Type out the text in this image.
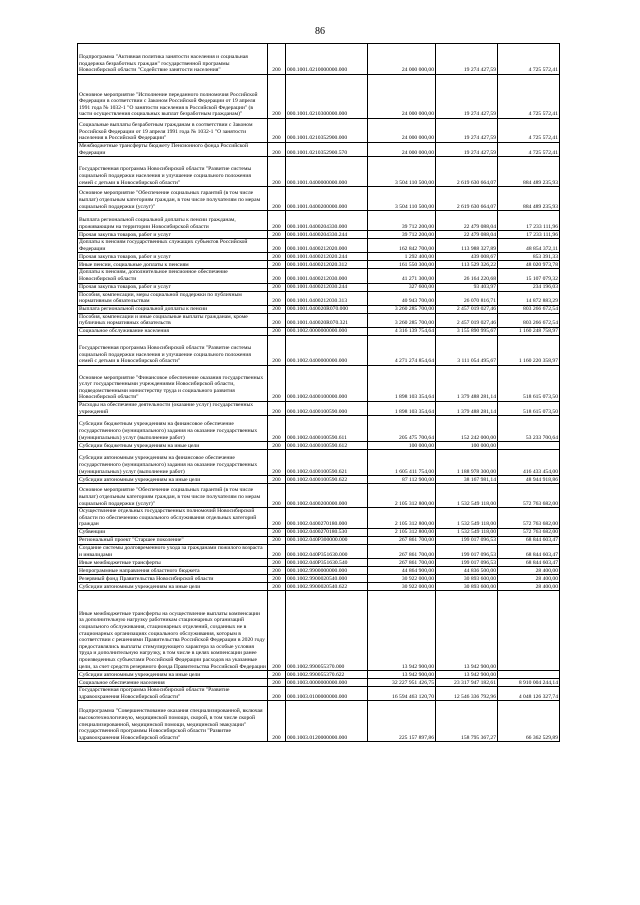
86
Подпрограмма "Активная политика занятости населения и социальная поддержка безработных граждан" государственной программы Новосибирской области "Содействие занятости населения"	200	000.1001.0210000000.000	24 000 000,00	19 274 427,59	4 725 572,41
Основное мероприятие "Исполнение переданного полномочия Российской Федерации в соответствии с Законом Российской Федерации от 19 апреля 1991 года № 1032-1 "О занятости населения в Российской Федерации" (в части осуществления социальных выплат безработным гражданам)"	200	000.1001.0210300000.000	24 000 000,00	19 274 427,59	4 725 572,41
Социальные выплаты безработным гражданам в соответствии с Законом Российской Федерации от 19 апреля 1991 года № 1032-1 "О занятости населения в Российской Федерации"	200	000.1001.0210352900.000	24 000 000,00	19 274 427,59	4 725 572,41
Межбюджетные трансферты бюджету Пенсионного фонда Российской Федерации	200	000.1001.0210352900.570	24 000 000,00	19 274 427,59	4 725 572,41
Государственная программа Новосибирской области "Развитие системы социальной поддержки населения и улучшение социального положения семей с детьми в Новосибирской области"	200	000.1001.0400000000.000	3 504 110 500,00	2 619 630 664,07	884 489 235,93
Основное мероприятие "Обеспечение социальных гарантий (в том числе выплат) отдельным категориям граждан, в том числе получателям по мерам социальной поддержки (услуг)"	200	000.1001.0400200000.000	3 504 110 500,00	2 619 630 664,07	884 489 235,93
Выплата региональной социальной доплаты к пенсии гражданам, проживающим на территории Новосибирской области	200	000.1001.0400204330.000	39 712 200,00	22 479 088,04	17 233 111,96
Прочая закупка товаров, работ и услуг	200	000.1001.0400204330.244	39 712 200,00	22 479 088,04	17 233 111,96
Доплаты к пенсиям государственных служащих субъектов Российской Федерации	200	000.1001.0400212020.000	162 842 700,00	113 988 327,89	48 854 372,11
Прочая закупка товаров, работ и услуг	200	000.1001.0400212020.244	1 292 400,00	439 008,67	853 391,33
Иные пенсии, социальные доплаты к пенсиям	200	000.1001.0400212020.312	161 550 300,00	113 529 326,22	48 020 973,78
Доплаты к пенсиям, дополнительное пенсионное обеспечение Новосибирской области	200	000.1001.0400212030.000	41 271 300,00	26 164 220,68	15 107 079,32
Прочая закупка товаров, работ и услуг	200	000.1001.0400212030.244	327 600,00	93 403,97	234 196,03
Пособия, компенсации, меры социальной поддержки по публичным нормативным обязательствам	200	000.1001.0400212030.313	40 943 700,00	26 070 816,71	14 872 883,29
Выплата региональной социальной доплаты к пенсии	200	000.1001.040020R070.000	3 260 285 700,00	2 457 019 027,46	803 266 672,54
Пособия, компенсации и иные социальные выплаты гражданам, кроме публичных нормативных обязательств	200	000.1001.040020R070.321	3 260 285 700,00	2 457 019 027,46	803 266 672,54
Социальное обслуживание населения	200	000.1002.0000000000.000	4 316 139 754,64	3 155 890 995,67	1 160 248 758,97
Государственная программа Новосибирской области "Развитие системы социальной поддержки населения и улучшение социального положения семей с детьми в Новосибирской области"	200	000.1002.0400000000.000	4 271 274 854,64	3 111 054 495,67	1 160 220 358,97
Основное мероприятие "Финансовое обеспечение оказания государственных услуг государственными учреждениями Новосибирской области, подведомственными министерству труда и социального развития Новосибирской области"	200	000.1002.0400100000.000	1 898 103 354,64	1 379 488 281,14	518 615 073,50
Расходы на обеспечение деятельности (оказание услуг) государственных учреждений	200	000.1002.0400100590.000	1 898 103 354,64	1 379 488 281,14	518 615 073,50
Субсидии бюджетным учреждениям на финансовое обеспечение государственного (муниципального) задания на оказание государственных (муниципальных) услуг (выполнение работ)	200	000.1002.0400100590.611	205 475 700,64	152 242 000,00	53 233 700,64
Субсидии бюджетным учреждениям на иные цели	200	000.1002.0400100590.612	100 000,00	100 000,00	
Субсидии автономным учреждениям на финансовое обеспечение государственного (муниципального) задания на оказание государственных (муниципальных) услуг (выполнение работ)	200	000.1002.0400100590.621	1 605 411 754,00	1 188 978 300,00	416 433 454,00
Субсидии автономным учреждениям на иные цели	200	000.1002.0400100590.622	87 112 900,00	38 167 981,14	48 944 918,86
Основное мероприятие "Обеспечение социальных гарантий (в том числе выплат) отдельным категориям граждан, в том числе получателям по мерам социальной поддержки (услуг)"	200	000.1002.0400200000.000	2 105 312 800,00	1 532 549 118,00	572 763 682,00
Осуществление отдельных государственных полномочий Новосибирской области по обеспечению социального обслуживания отдельных категорий граждан	200	000.1002.0400270180.000	2 105 312 800,00	1 532 549 118,00	572 763 682,00
Субвенции	200	000.1002.0400270180.530	2 105 312 800,00	1 532 549 118,00	572 763 682,00
Региональный проект "Старшее поколение"	200	000.1002.040P300000.000	267 861 700,00	199 017 096,53	68 844 603,47
Создание системы долговременного ухода за гражданами пожилого возраста и инвалидами	200	000.1002.040P351630.000	267 861 700,00	199 017 096,53	68 844 603,47
Иные межбюджетные трансферты	200	000.1002.040P351630.540	267 861 700,00	199 017 096,53	68 844 603,47
Непрограммные направления областного бюджета	200	000.1002.9900000000.000	44 864 900,00	44 836 500,00	28 400,00
Резервный фонд Правительства Новосибирской области	200	000.1002.9900020540.000	30 922 000,00	30 893 600,00	28 400,00
Субсидии автономным учреждениям на иные цели	200	000.1002.9900020540.622	30 922 000,00	30 893 600,00	28 400,00
Иные межбюджетные трансферты на осуществление выплаты компенсации за дополнительную нагрузку работникам стационарных организаций социального обслуживания, стационарных отделений, созданных не в стационарных организациях социального обслуживания, которым в соответствии с решениями Правительства Российской Федерации в 2020 году предоставлялись выплаты стимулирующего характера за особые условия труда и дополнительную нагрузку, в том числе в целях компенсации ранее произведенных субъектами Российской Федерации расходов на указанные цели, за счет средств резервного фонда Правительства Российской Федерации	200	000.1002.990055370.000	13 942 900,00	13 942 900,00	
Субсидии автономным учреждениям на иные цели	200	000.1002.990055370.622	13 942 900,00	13 942 900,00	
Социальное обеспечение населения	200	000.1003.0000000000.000	32 227 951 426,75	23 317 947 182,61	8 910 004 244,14
Государственная программа Новосибирской области "Развитие здравоохранения Новосибирской области"	200	000.1003.0100000000.000	16 594 463 120,70	12 546 336 792,96	4 048 126 327,74
Подпрограмма "Совершенствование оказания специализированной, включая высокотехнологичную, медицинской помощи, скорой, в том числе скорой специализированной, медицинской помощи, медицинской эвакуации" государственной программы Новосибирской области "Развитие здравоохранения Новосибирской области"	200	000.1003.0120000000.000	225 157 897,86	158 795 367,27	66 362 529,89
